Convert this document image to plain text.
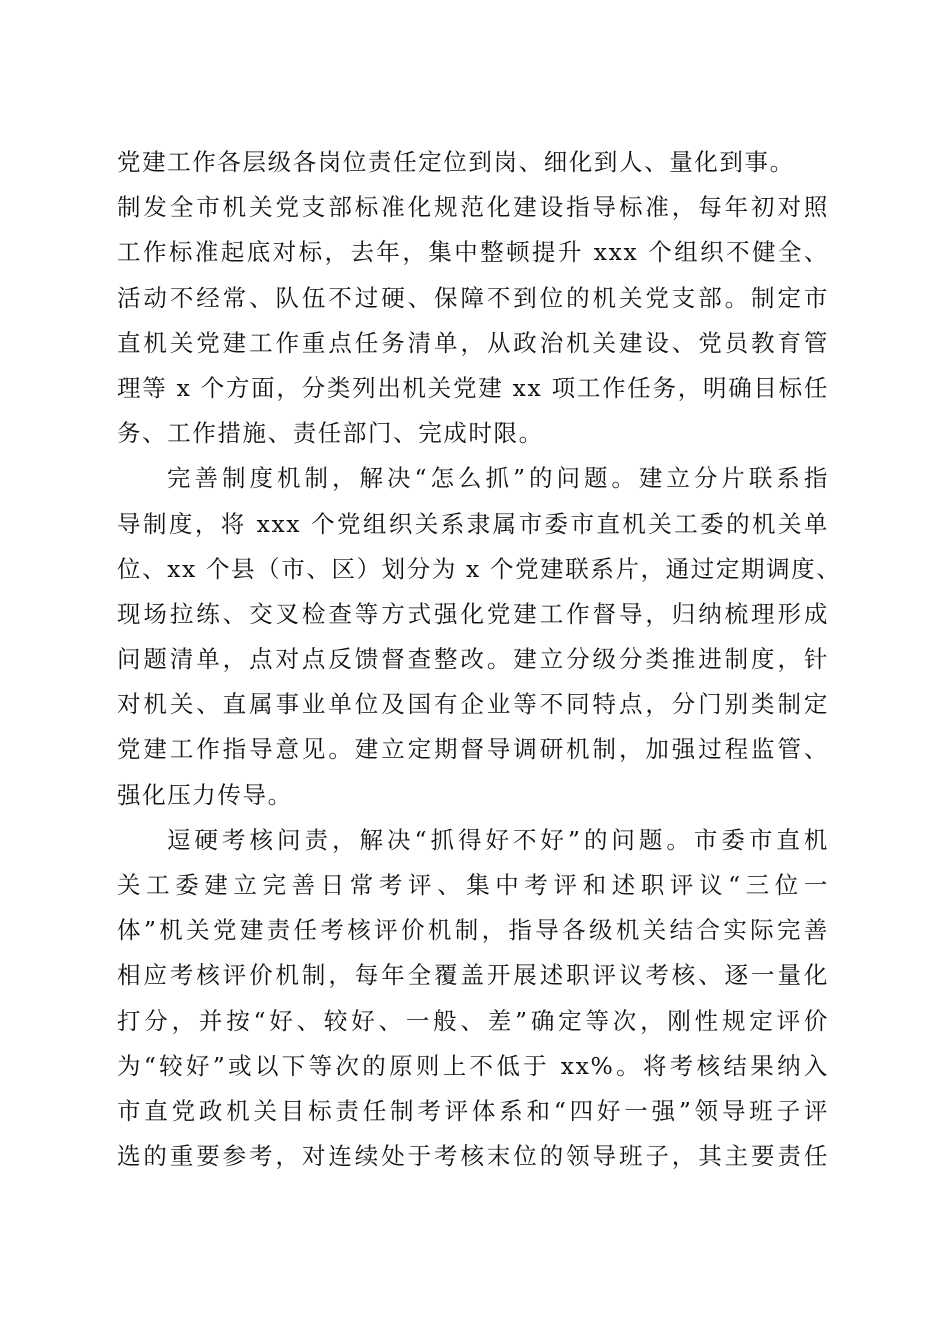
党建工作各层级各岗位责任定位到岗、细化到人、量化到事。
制发全市机关党支部标准化规范化建设指导标准，每年初对照
工作标准起底对标，去年，集中整顿提升 xxx 个组织不健全、
活动不经常、队伍不过硬、保障不到位的机关党支部。制定市
直机关党建工作重点任务清单，从政治机关建设、党员教育管
理等 x 个方面，分类列出机关党建 xx 项工作任务，明确目标任
务、工作措施、责任部门、完成时限。
完善制度机制，解决“怎么抓”的问题。建立分片联系指
导制度，将 xxx 个党组织关系隶属市委市直机关工委的机关单
位、xx 个县（市、区）划分为 x 个党建联系片，通过定期调度、
现场拉练、交叉检查等方式强化党建工作督导，归纳梳理形成
问题清单，点对点反馈督查整改。建立分级分类推进制度，针
对机关、直属事业单位及国有企业等不同特点，分门别类制定
党建工作指导意见。建立定期督导调研机制，加强过程监管、
强化压力传导。
逗硬考核问责，解决“抓得好不好”的问题。市委市直机
关工委建立完善日常考评、集中考评和述职评议“三位一
体”机关党建责任考核评价机制，指导各级机关结合实际完善
相应考核评价机制，每年全覆盖开展述职评议考核、逐一量化
打分，并按“好、较好、一般、差”确定等次，刚性规定评价
为“较好”或以下等次的原则上不低于 xx%。将考核结果纳入
市直党政机关目标责任制考评体系和“四好一强”领导班子评
选的重要参考，对连续处于考核末位的领导班子，其主要责任
